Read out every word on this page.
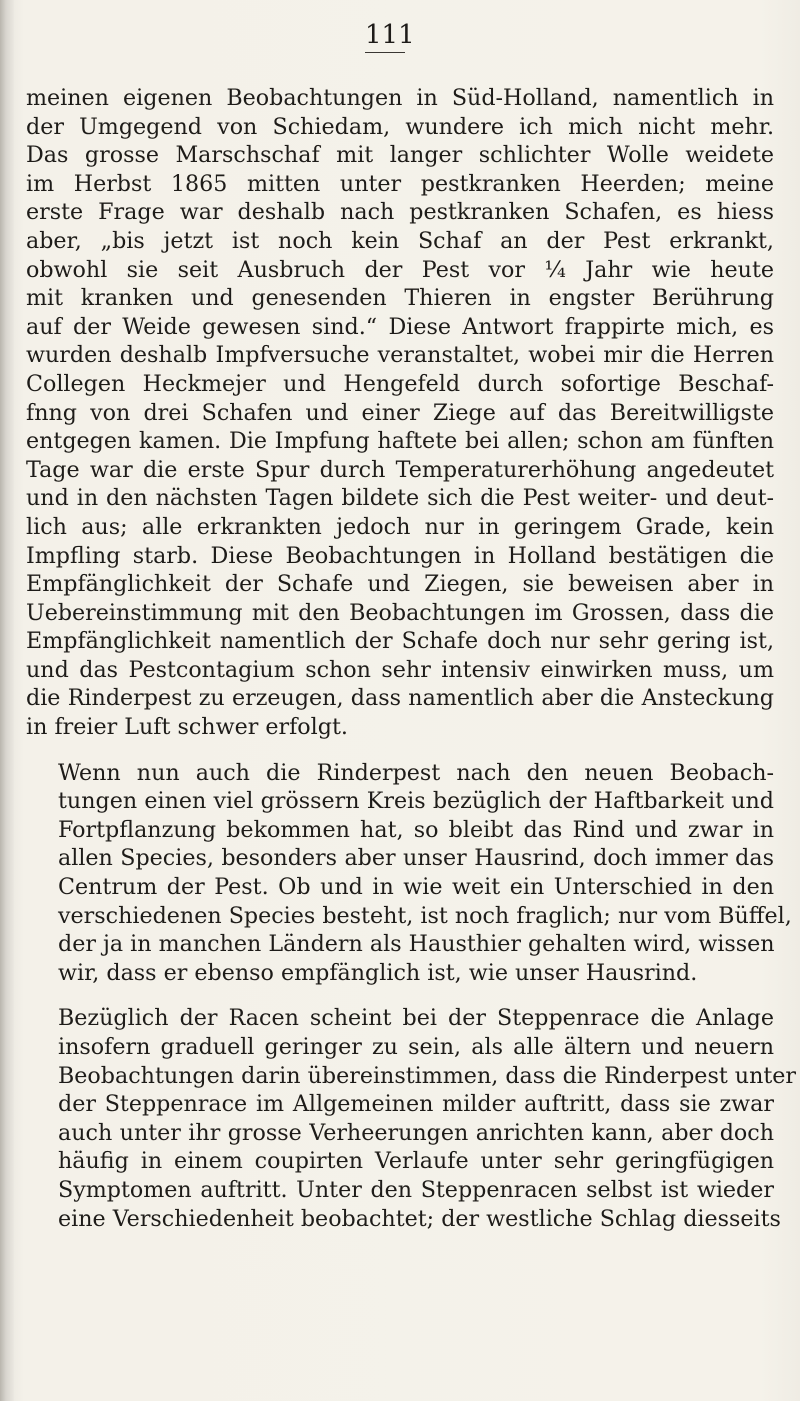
111

meinen eigenen Beobachtungen in Süd-Holland, namentlich in
der Umgegend von Schiedam, wundere ich mich nicht mehr.
Das grosse Marschschaf mit langer schlichter Wolle weidete
im Herbst 1865 mitten unter pestkranken Heerden; meine
erste Frage war deshalb nach pestkranken Schafen, es hiess
aber, „bis jetzt ist noch kein Schaf an der Pest erkrankt,
obwohl sie seit Ausbruch der Pest vor ¼ Jahr wie heute
mit kranken und genesenden Thieren in engster Berührung
auf der Weide gewesen sind.“ Diese Antwort frappirte mich, es
wurden deshalb Impfversuche veranstaltet, wobei mir die Herren
Collegen Heckmejer und Hengefeld durch sofortige Beschaf-
fnng von drei Schafen und einer Ziege auf das Bereitwilligste
entgegen kamen. Die Impfung haftete bei allen; schon am fünften
Tage war die erste Spur durch Temperaturerhöhung angedeutet
und in den nächsten Tagen bildete sich die Pest weiter- und deut-
lich aus; alle erkrankten jedoch nur in geringem Grade, kein
Impfling starb. Diese Beobachtungen in Holland bestätigen die
Empfänglichkeit der Schafe und Ziegen, sie beweisen aber in
Uebereinstimmung mit den Beobachtungen im Grossen, dass die
Empfänglichkeit namentlich der Schafe doch nur sehr gering ist,
und das Pestcontagium schon sehr intensiv einwirken muss, um
die Rinderpest zu erzeugen, dass namentlich aber die Ansteckung
in freier Luft schwer erfolgt.

Wenn nun auch die Rinderpest nach den neuen Beobach-
tungen einen viel grössern Kreis bezüglich der Haftbarkeit und
Fortpflanzung bekommen hat, so bleibt das Rind und zwar in
allen Species, besonders aber unser Hausrind, doch immer das
Centrum der Pest. Ob und in wie weit ein Unterschied in den
verschiedenen Species besteht, ist noch fraglich; nur vom Büffel,
der ja in manchen Ländern als Hausthier gehalten wird, wissen
wir, dass er ebenso empfänglich ist, wie unser Hausrind.

Bezüglich der Racen scheint bei der Steppenrace die Anlage
insofern graduell geringer zu sein, als alle ältern und neuern
Beobachtungen darin übereinstimmen, dass die Rinderpest unter
der Steppenrace im Allgemeinen milder auftritt, dass sie zwar
auch unter ihr grosse Verheerungen anrichten kann, aber doch
häufig in einem coupirten Verlaufe unter sehr geringfügigen
Symptomen auftritt. Unter den Steppenracen selbst ist wieder
eine Verschiedenheit beobachtet; der westliche Schlag diesseits
